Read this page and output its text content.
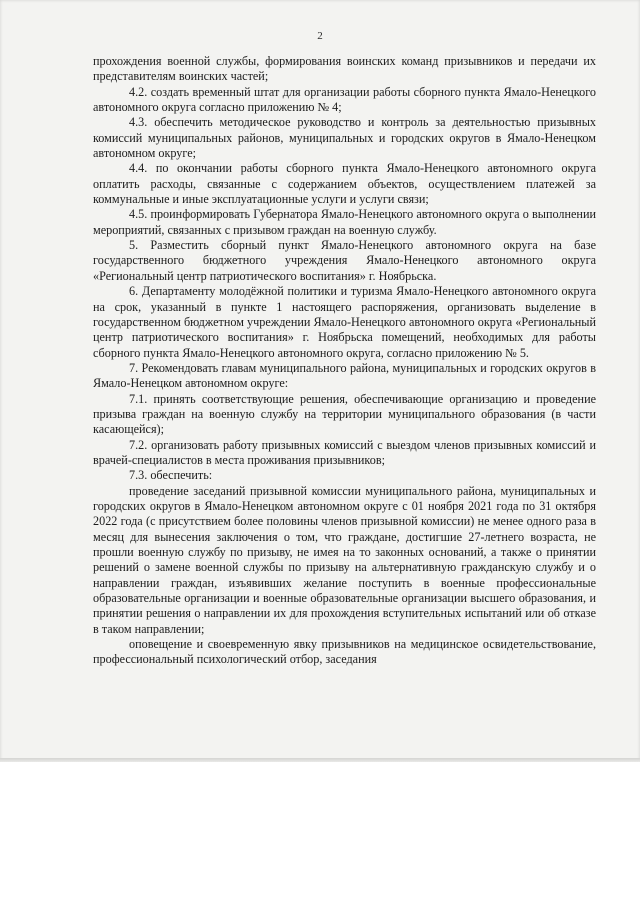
2

прохождения военной службы, формирования воинских команд призывников и передачи их представителям воинских частей;

4.2. создать временный штат для организации работы сборного пункта Ямало-Ненецкого автономного округа согласно приложению № 4;

4.3. обеспечить методическое руководство и контроль за деятельностью призывных комиссий муниципальных районов, муниципальных и городских округов в Ямало-Ненецком автономном округе;

4.4. по окончании работы сборного пункта Ямало-Ненецкого автономного округа оплатить расходы, связанные с содержанием объектов, осуществлением платежей за коммунальные и иные эксплуатационные услуги и услуги связи;

4.5. проинформировать Губернатора Ямало-Ненецкого автономного округа о выполнении мероприятий, связанных с призывом граждан на военную службу.

5. Разместить сборный пункт Ямало-Ненецкого автономного округа на базе государственного бюджетного учреждения Ямало-Ненецкого автономного округа «Региональный центр патриотического воспитания» г. Ноябрьска.

6. Департаменту молодёжной политики и туризма Ямало-Ненецкого автономного округа на срок, указанный в пункте 1 настоящего распоряжения, организовать выделение в государственном бюджетном учреждении Ямало-Ненецкого автономного округа «Региональный центр патриотического воспитания» г. Ноябрьска помещений, необходимых для работы сборного пункта Ямало-Ненецкого автономного округа, согласно приложению № 5.

7. Рекомендовать главам муниципального района, муниципальных и городских округов в Ямало-Ненецком автономном округе:

7.1. принять соответствующие решения, обеспечивающие организацию и проведение призыва граждан на военную службу на территории муниципального образования (в части касающейся);

7.2. организовать работу призывных комиссий с выездом членов призывных комиссий и врачей-специалистов в места проживания призывников;

7.3. обеспечить:

проведение заседаний призывной комиссии муниципального района, муниципальных и городских округов в Ямало-Ненецком автономном округе с 01 ноября 2021 года по 31 октября 2022 года (с присутствием более половины членов призывной комиссии) не менее одного раза в месяц для вынесения заключения о том, что граждане, достигшие 27-летнего возраста, не прошли военную службу по призыву, не имея на то законных оснований, а также о принятии решений о замене военной службы по призыву на альтернативную гражданскую службу и о направлении граждан, изъявивших желание поступить в военные профессиональные образовательные организации и военные образовательные организации высшего образования, и принятии решения о направлении их для прохождения вступительных испытаний или об отказе в таком направлении;

оповещение и своевременную явку призывников на медицинское освидетельствование, профессиональный психологический отбор, заседания
